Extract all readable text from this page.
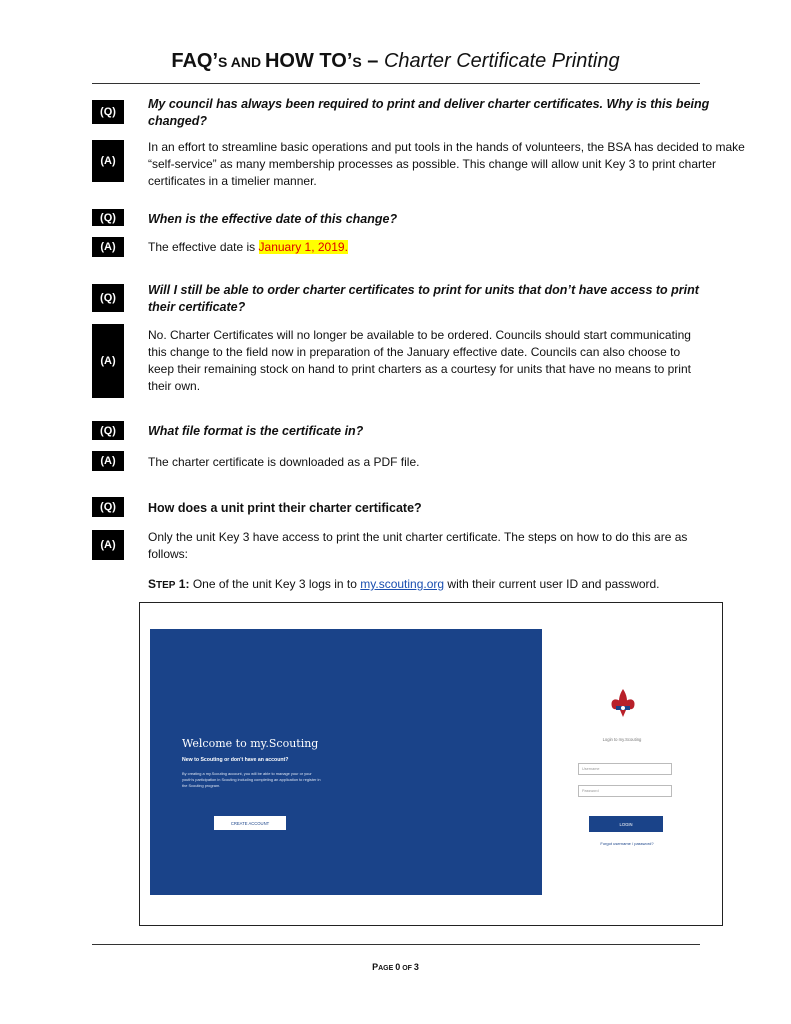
FAQ’S AND HOW TO’S – Charter Certificate Printing
(Q)
My council has always been required to print and deliver charter certificates. Why is this being changed?
(A)
In an effort to streamline basic operations and put tools in the hands of volunteers, the BSA has decided to make “self-service” as many membership processes as possible. This change will allow unit Key 3 to print charter certificates in a timelier manner.
(Q)	When is the effective date of this change?
(A)	The effective date is January 1, 2019.
(Q)
Will I still be able to order charter certificates to print for units that don’t have access to print their certificate?
(A)
No. Charter Certificates will no longer be available to be ordered. Councils should start communicating this change to the field now in preparation of the January effective date. Councils can also choose to keep their remaining stock on hand to print charters as a courtesy for units that have no means to print their own.
(Q)	What file format is the certificate in?
(A)	The charter certificate is downloaded as a PDF file.
(Q)	How does a unit print their charter certificate?
(A)
Only the unit Key 3 have access to print the unit charter certificate. The steps on how to do this are as follows:
STEP 1: One of the unit Key 3 logs in to my.scouting.org with their current user ID and password.
Welcome to my.Scouting
New to Scouting or don't have an account?
By creating a my.Scouting account, you will be able to manage your or your youth's participation in Scouting including completing an application to register in the Scouting program.
CREATE ACCOUNT
Login to my.Scouting
Username
Password
LOGIN
Forgot username / password?
PAGE 0 OF 3
